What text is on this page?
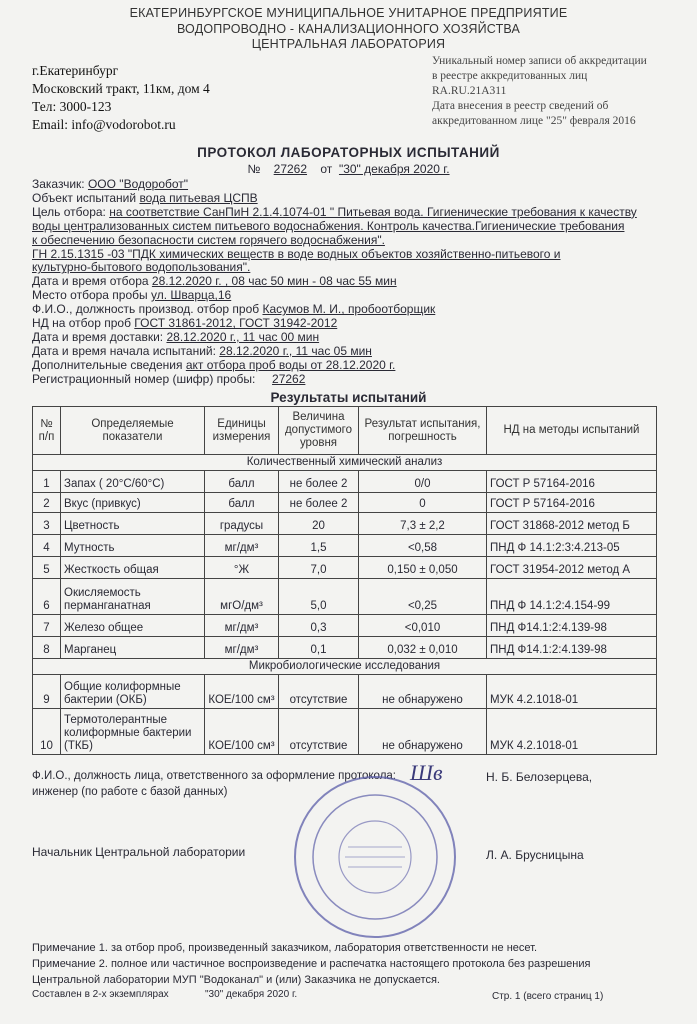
ЕКАТЕРИНБУРГСКОЕ МУНИЦИПАЛЬНОЕ УНИТАРНОЕ ПРЕДПРИЯТИЕ
ВОДОПРОВОДНО - КАНАЛИЗАЦИОННОГО ХОЗЯЙСТВА
ЦЕНТРАЛЬНАЯ ЛАБОРАТОРИЯ
г.Екатеринбург
Московский тракт, 11км, дом 4
Тел: 3000-123
Email: info@vodorobot.ru
Уникальный номер записи об аккредитации
в реестре аккредитованных лиц
RA.RU.21А311
Дата внесения в реестр сведений об
аккредитованном лице "25" февраля 2016
ПРОТОКОЛ ЛАБОРАТОРНЫХ ИСПЫТАНИЙ
№ 27262 от "30" декабря 2020 г.
Заказчик: ООО "Водоробот"
Объект испытаний вода питьевая ЦСПВ
Цель отбора: на соответствие СанПиН 2.1.4.1074-01 " Питьевая вода. Гигиенические требования к качеству
воды централизованных систем питьевого водоснабжения. Контроль качества.Гигиенические требования
к обеспечению безопасности систем горячего водоснабжения".
ГН 2.15.1315 -03 "ПДК химических веществ в воде водных объектов хозяйственно-питьевого и
культурно-бытового водопользования".
Дата и время отбора 28.12.2020 г. , 08 час 50 мин - 08 час 55 мин
Место отбора пробы ул. Шварца,16
Ф.И.О., должность производ. отбор проб Касумов М. И., пробоотборщик
НД на отбор проб ГОСТ 31861-2012, ГОСТ 31942-2012
Дата и время доставки: 28.12.2020 г., 11 час 00 мин
Дата и время начала испытаний: 28.12.2020 г., 11 час 05 мин
Дополнительные сведения акт отбора проб воды от 28.12.2020 г.
Регистрационный номер (шифр) пробы: 27262
Результаты испытаний
№ п/п	Определяемые показатели	Единицы измерения	Величина допустимого уровня	Результат испытания, погрешность	НД на методы испытаний
Количественный химический анализ					
1	Запах ( 20°С/60°С)	балл	не более 2	0/0	ГОСТ Р 57164-2016
2	Вкус (привкус)	балл	не более 2	0	ГОСТ Р 57164-2016
3	Цветность	градусы	20	7,3 ± 2,2	ГОСТ 31868-2012 метод Б
4	Мутность	мг/дм³	1,5	<0,58	ПНД Ф 14.1:2:3:4.213-05
5	Жесткость общая	°Ж	7,0	0,150 ± 0,050	ГОСТ 31954-2012 метод А
6	Окисляемость перманганатная	мгО/дм³	5,0	<0,25	ПНД Ф 14.1:2:4.154-99
7	Железо общее	мг/дм³	0,3	<0,010	ПНД Ф14.1:2:4.139-98
8	Марганец	мг/дм³	0,1	0,032 ± 0,010	ПНД Ф14.1:2:4.139-98
Микробиологические исследования					
9	Общие колиформные бактерии (ОКБ)	КОЕ/100 см³	отсутствие	не обнаружено	МУК 4.2.1018-01
10	Термотолерантные колиформные бактерии (ТКБ)	КОЕ/100 см³	отсутствие	не обнаружено	МУК 4.2.1018-01
Ф.И.О., должность лица, ответственного за оформление протокола:
инженер (по работе с базой данных)
Шв	Н. Б. Белозерцева,
Начальник Центральной лаборатории	Л. А. Брусницына
Примечание 1. за отбор проб, произведенный заказчиком, лаборатория ответственности не несет.
Примечание 2. полное или частичное воспроизведение и распечатка настоящего протокола без разрешения
Центральной лаборатории МУП "Водоканал" и (или) Заказчика не допускается.
Составлен в 2-х экземплярах	"30" декабря 2020 г.	Стр. 1 (всего страниц 1)
